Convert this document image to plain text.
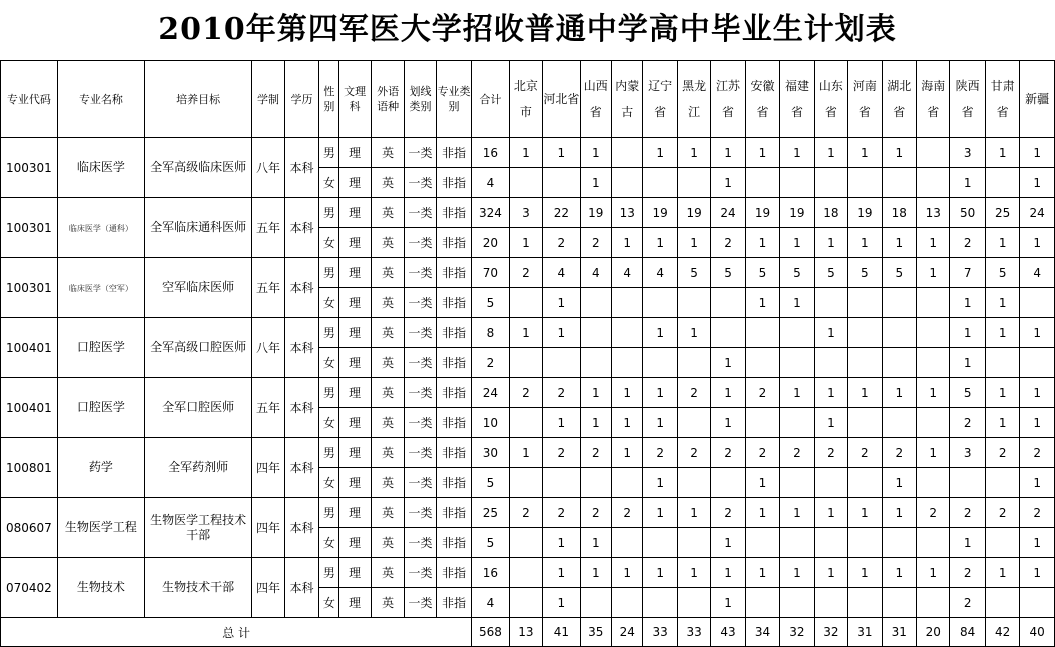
2010年第四军医大学招收普通中学高中毕业生计划表
专业代码	专业名称	培养目标	学制	学历	性别	文理科	外语语种	划线类别	专业类别	合计	北京市	河北省	山西省	内蒙古	辽宁省	黑龙江	江苏省	安徽省	福建省	山东省	河南省	湖北省	海南省	陕西省	甘肃省	新疆
100301	临床医学	全军高级临床医师	八年	本科	男	理	英	一类	非指	16	1	1	1		1	1	1	1	1	1	1	1		3	1	1
					女	理	英	一类	非指	4			1				1							1		1
100301	临床医学（通科）	全军临床通科医师	五年	本科	男	理	英	一类	非指	324	3	22	19	13	19	19	24	19	19	18	19	18	13	50	25	24
					女	理	英	一类	非指	20	1	2	2	1	1	1	2	1	1	1	1	1	1	2	1	1
100301	临床医学（空军）	空军临床医师	五年	本科	男	理	英	一类	非指	70	2	4	4	4	4	5	5	5	5	5	5	5	1	7	5	4
					女	理	英	一类	非指	5		1						1	1					1	1	
100401	口腔医学	全军高级口腔医师	八年	本科	男	理	英	一类	非指	8	1	1			1	1				1				1	1	1
					女	理	英	一类	非指	2							1							1		
100401	口腔医学	全军口腔医师	五年	本科	男	理	英	一类	非指	24	2	2	1	1	1	2	1	2	1	1	1	1	1	5	1	1
					女	理	英	一类	非指	10		1	1	1	1		1			1				2	1	1
100801	药学	全军药剂师	四年	本科	男	理	英	一类	非指	30	1	2	2	1	2	2	2	2	2	2	2	2	1	3	2	2
					女	理	英	一类	非指	5					1			1				1				1
080607	生物医学工程	生物医学工程技术干部	四年	本科	男	理	英	一类	非指	25	2	2	2	2	1	1	2	1	1	1	1	1	2	2	2	2
					女	理	英	一类	非指	5		1	1				1							1		1
070402	生物技术	生物技术干部	四年	本科	男	理	英	一类	非指	16		1	1	1	1	1	1	1	1	1	1	1	1	2	1	1
					女	理	英	一类	非指	4		1					1							2		
总 计										568	13	41	35	24	33	33	43	34	32	32	31	31	20	84	42	40
